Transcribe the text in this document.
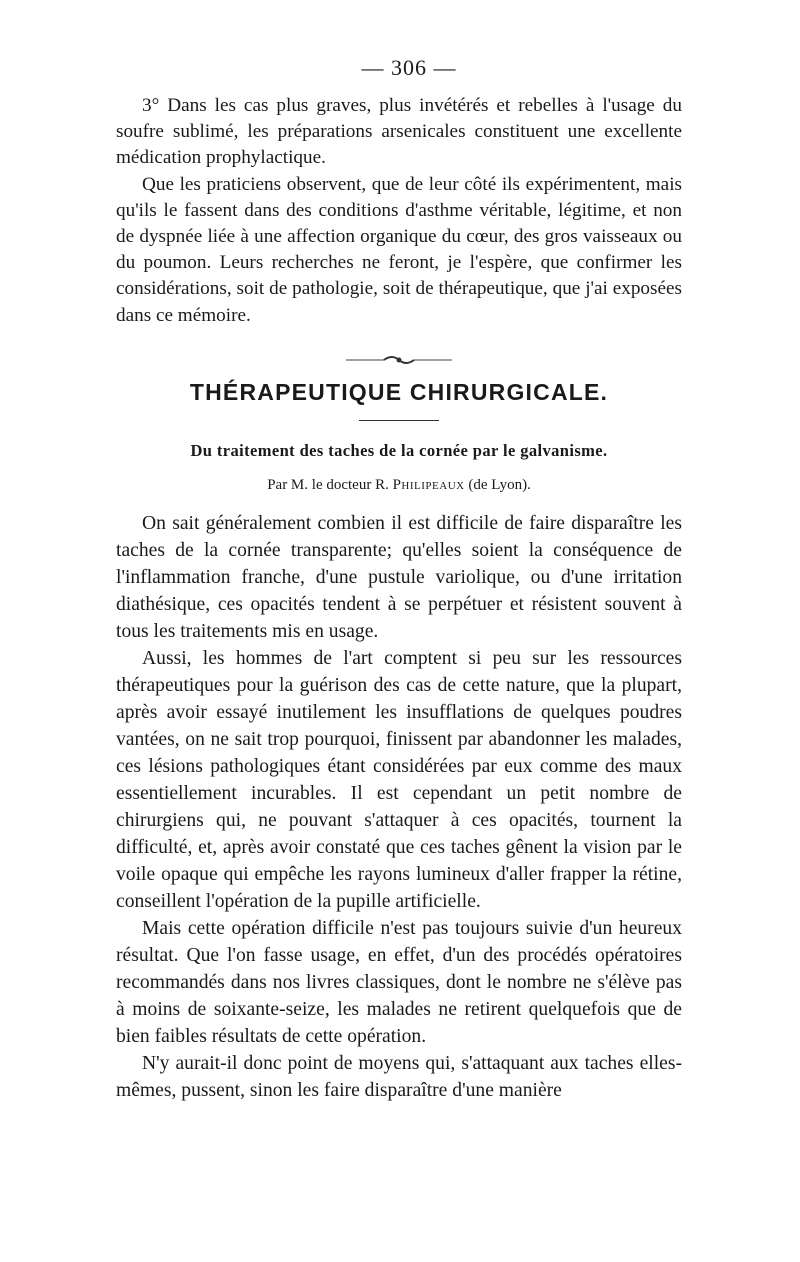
— 306 —

3° Dans les cas plus graves, plus invétérés et rebelles à l'usage du soufre sublimé, les préparations arsenicales constituent une excellente médication prophylactique.

Que les praticiens observent, que de leur côté ils expérimentent, mais qu'ils le fassent dans des conditions d'asthme véritable, légitime, et non de dyspnée liée à une affection organique du cœur, des gros vaisseaux ou du poumon. Leurs recherches ne feront, je l'espère, que confirmer les considérations, soit de pathologie, soit de thérapeutique, que j'ai exposées dans ce mémoire.

THÉRAPEUTIQUE CHIRURGICALE.
Du traitement des taches de la cornée par le galvanisme.
Par M. le docteur R. Philipeaux (de Lyon).

On sait généralement combien il est difficile de faire disparaître les taches de la cornée transparente; qu'elles soient la conséquence de l'inflammation franche, d'une pustule variolique, ou d'une irritation diathésique, ces opacités tendent à se perpétuer et résistent souvent à tous les traitements mis en usage.

Aussi, les hommes de l'art comptent si peu sur les ressources thérapeutiques pour la guérison des cas de cette nature, que la plupart, après avoir essayé inutilement les insufflations de quelques poudres vantées, on ne sait trop pourquoi, finissent par abandonner les malades, ces lésions pathologiques étant considérées par eux comme des maux essentiellement incurables. Il est cependant un petit nombre de chirurgiens qui, ne pouvant s'attaquer à ces opacités, tournent la difficulté, et, après avoir constaté que ces taches gênent la vision par le voile opaque qui empêche les rayons lumineux d'aller frapper la rétine, conseillent l'opération de la pupille artificielle.

Mais cette opération difficile n'est pas toujours suivie d'un heureux résultat. Que l'on fasse usage, en effet, d'un des procédés opératoires recommandés dans nos livres classiques, dont le nombre ne s'élève pas à moins de soixante-seize, les malades ne retirent quelquefois que de bien faibles résultats de cette opération.

N'y aurait-il donc point de moyens qui, s'attaquant aux taches elles-mêmes, pussent, sinon les faire disparaître d'une manière
